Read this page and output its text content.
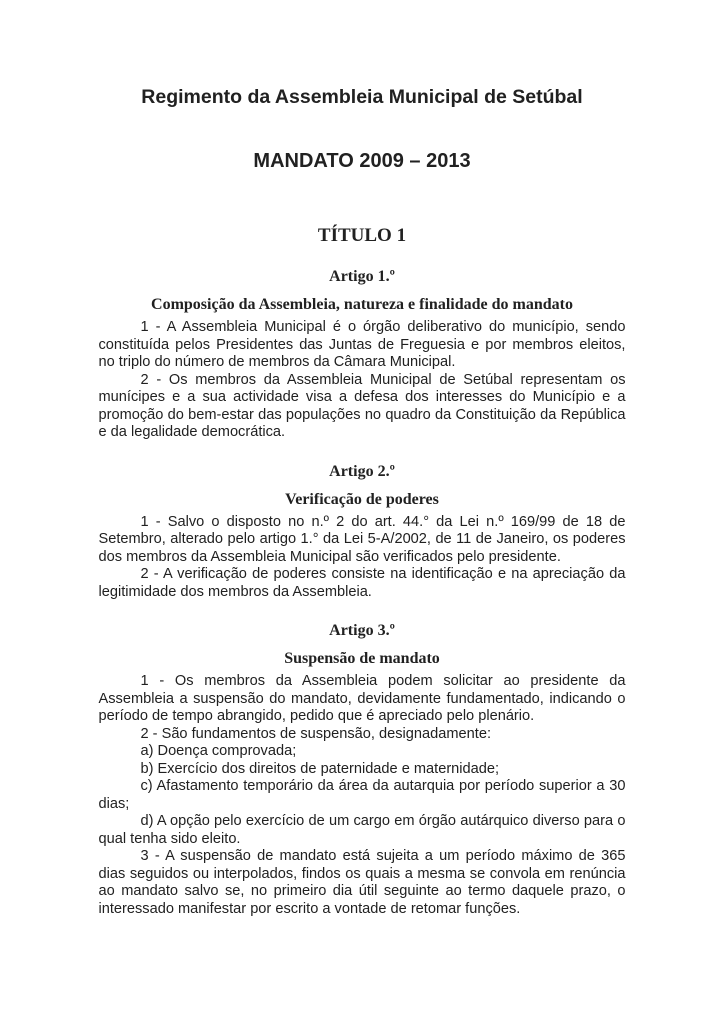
Regimento da Assembleia Municipal de Setúbal
MANDATO 2009 – 2013
TÍTULO 1
Artigo 1.º
Composição da Assembleia, natureza e finalidade do mandato

1 - A Assembleia Municipal é o órgão deliberativo do município, sendo constituída pelos Presidentes das Juntas de Freguesia e por membros eleitos, no triplo do número de membros da Câmara Municipal.

2 - Os membros da Assembleia Municipal de Setúbal representam os munícipes e a sua actividade visa a defesa dos interesses do Município e a promoção do bem-estar das populações no quadro da Constituição da República e da legalidade democrática.

Artigo 2.º
Verificação de poderes

1 - Salvo o disposto no n.º 2 do art. 44.° da Lei n.º 169/99 de 18 de Setembro, alterado pelo artigo 1.° da Lei 5-A/2002, de 11 de Janeiro, os poderes dos membros da Assembleia Municipal são verificados pelo presidente.

2 - A verificação de poderes consiste na identificação e na apreciação da legitimidade dos membros da Assembleia.

Artigo 3.º
Suspensão de mandato

1 - Os membros da Assembleia podem solicitar ao presidente da Assembleia a suspensão do mandato, devidamente fundamentado, indicando o período de tempo abrangido, pedido que é apreciado pelo plenário.

2 - São fundamentos de suspensão, designadamente:

a) Doença comprovada;

b) Exercício dos direitos de paternidade e maternidade;

c) Afastamento temporário da área da autarquia por período superior a 30 dias;

d) A opção pelo exercício de um cargo em órgão autárquico diverso para o qual tenha sido eleito.

3 - A suspensão de mandato está sujeita a um período máximo de 365 dias seguidos ou interpolados, findos os quais a mesma se convola em renúncia ao mandato salvo se, no primeiro dia útil seguinte ao termo daquele prazo, o interessado manifestar por escrito a vontade de retomar funções.
